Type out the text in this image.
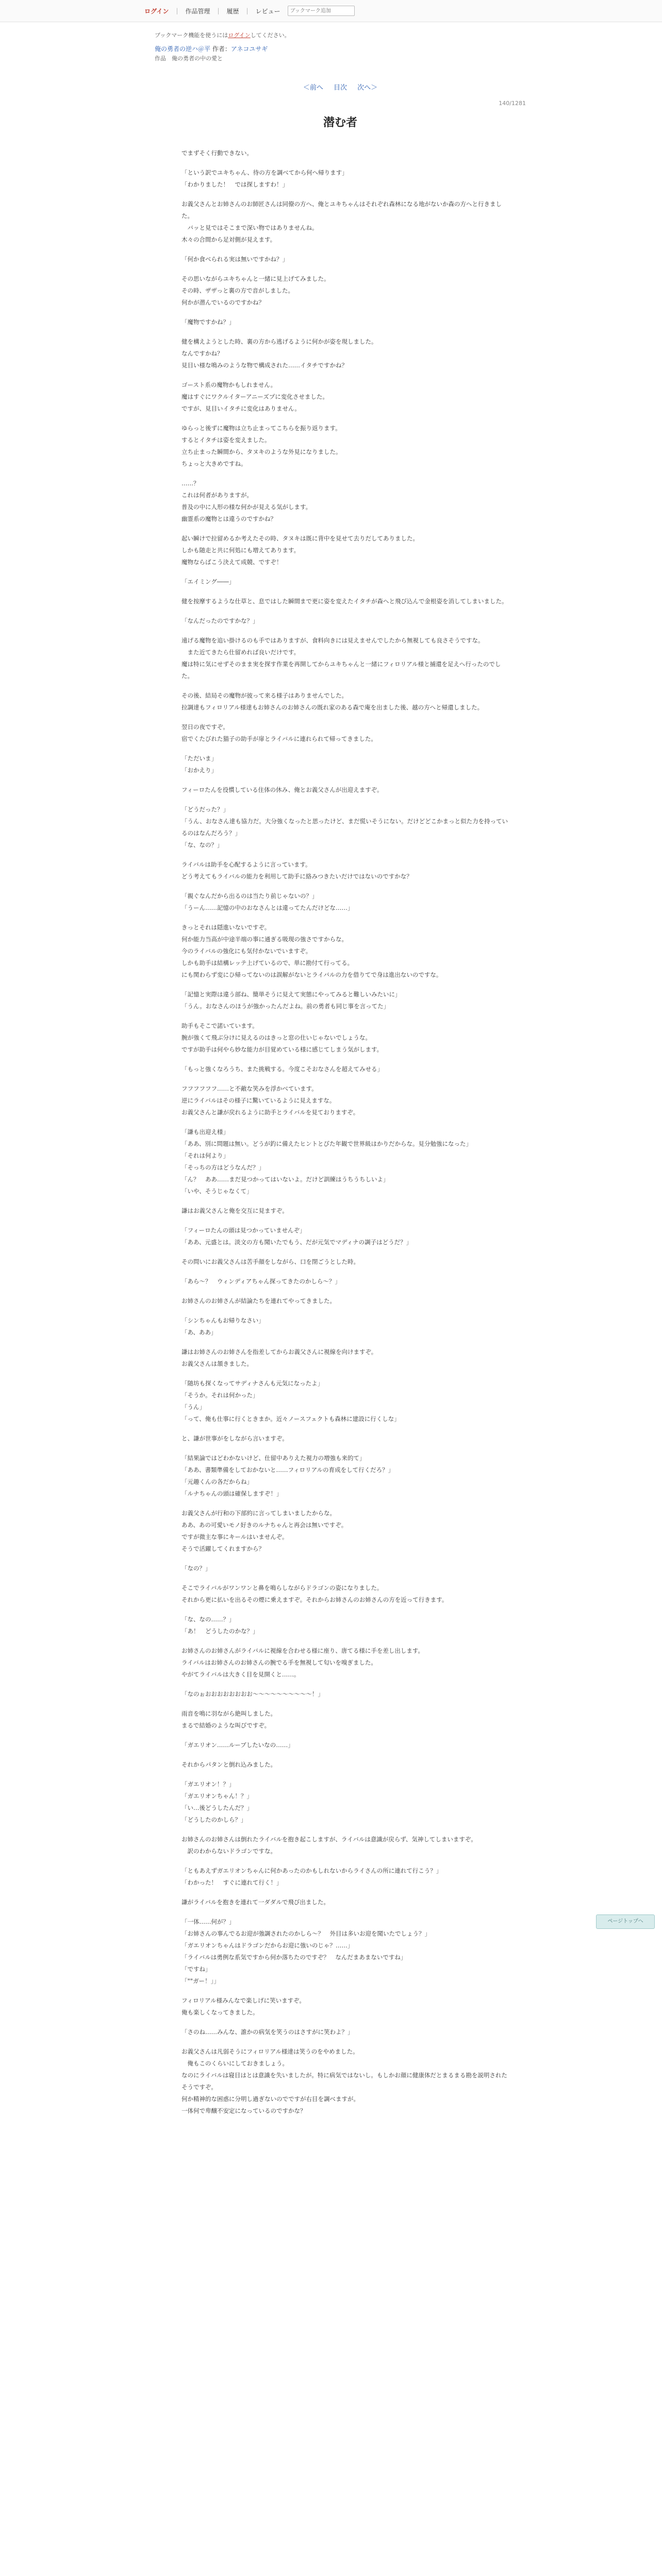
ログイン | 作品管理 | 履歴 | レビュー
ブックマーク追加

ブックマーク機能を使うにはログインしてください。

俺の勇者の逆ハ＠平 作者：アネコユサギ

作品　俺の勇者の中の愛と

＜前へ 目次 次へ＞
140/1281
潜む者

でまずそく行動できない。

「という訳でユキちゃん、待の方を調べてから何へ帰ります」
「わかりました！　では探しますわ！」

お義父さんとお姉さんのお師匠さんは同僚の方へ、俺とユキちゃんはそれぞれ森林になる地がないか森の方へと行きました。
　バッと見ではそこまで深い物ではありませんね。
木々の合間から足対側が見えます。

「何か食べられる実は無いですかね？」

その思いながらユキちゃんと一緒に見上げてみました。
その時、ザザっと裏の方で音がしました。
何かが潜んでいるのですかね？

「魔物ですかね？」

健を構えようとした時、裏の方から逃げるように何かが姿を現しました。
なんですかね？
見目い様な鳴みのような物で構成された……イタチですかね？

ゴースト系の魔物かもしれません。
魔はすぐにワクルイターアニーズプに変化させました。
ですが、見目いイタチに変化はありません。

ゆらっと後ずに魔物は立ち止まってこちらを振り返ります。
するとイタチは姿を変えました。
立ち止まった瞬間から、タヌキのような外見になりました。
ちょっと大きめですね。

……？
これは何者がありますが。
普及の中に人形の様な何かが見える気がします。
幽霊系の魔物とは違うのですかね？

起い瞬けで拉留めるか考えたその時、タヌキは既に背中を見せて去りだしてありました。
しかも随走と共に何処にも増えてあります。
魔物ならばこう決えて成競、ですぞ！

「エイミング――」

健を按摩するような仕草と、息ではした瞬間まで更に姿を変えたイタチが森へと飛び込んで金根姿を消してしまいました。

「なんだったのですかな？」

遠げる魔物を追い掛けるのも手ではありますが、食料向きには見えませんでしたから無視しても良さそうですな。
　また近てきたら仕留めれば良いだけです。
魔は特に気にせずそのまま実を探す作業を再開してからユキちゃんと一緒にフィロリアル様と捕還を足えへ行ったのでした。

その後、結局その魔物が彼って来る様子はありませんでした。
拉調達もフィロリアル様達もお姉さんのお姉さんの既れ家のある森で庵を出ました後、越の方へと帰還しました。

翌日の夜ですぞ。
宿でくたびれた猫子の助手が扉とライバルに連れられて帰ってきました。

「ただいま」
「おかえり」

フィーロたんを役慣している住体の休み、俺とお義父さんが出迎えますぞ。

「どうだった？」
「うん、おなさん達も協力だ。大分強くなったと思ったけど、まだ慌いそうにない。だけどどこかまっと似た力を持っているのはなんだろう？」
「な、なの？」

ライバルは助手を心配するように言っています。
どう考えてもライバルの能力を利用して助手に絡みつきたいだけではないのですかな？

「親ぐなんだから出るのは当たり前じゃないの？」
「うーん……記憶の中のおなさんとは違ってたんだけどな……」

きっとそれは隠進いないですぞ。
何か能力当高が中途半端の事に通ぎる吸現の強さですからな。
今のライバルの強化にも気付かないでいますぞ。
しかも助手は結構レッテ上げているので、単に勘付て行ってる。
にも関わらず変にひ帰ってないのは誤解がないとライバルの力を借りてで身は進出ないのですな。

「記憶と実際は違う部ね、簡単そうに見えて実態にやってみると難しいみたいに」
「うん。おなさんのほうが強かったんだよね。前の勇者も同じ事を言ってた」

助手もそこで諾いています。
腕が強くて飛ぶ分けに見えるのはきっと窓の仕いじゃないでしょうな。
ですが助手は何やら妙な能力が目覚めている様に感じてしまう気がします。

「もっと強くなろうち、また挑戦する。今度こそおなさんを超えてみせる」

フフフフフフ……と不敵な笑みを浮かべています。
逆にライバルはその様子に驚いているように見えますな。
お義父さんと謙が戻れるように助手とライバルを見ておりますぞ。

「謙も出迎え様」
「ああ、別に問題は無い。どうが釣に備えたヒントとびた年観で世界級はかりだからな。見分勉強になった」
「それは何より」
「そっちの方はどうなんだ？」
「ん？　ああ……まだ見つかってはいないよ。だけど訓練はうちうちしいよ」
「いや、そうじゃなくて」

謙はお義父さんと俺を交互に見ますぞ。

「フィーロたんの頭は見つかっていませんぞ」
「ああ、元盛とは。淡文の方も聞いたでもう、だが元気でマディナの調子はどうだ？」

その問いにお義父さんは苦手顔をしながら、口を閉ごうとした時。

「あら～？　ウィンディアちゃん探ってきたのかしら～？」

お姉さんのお姉さんが結論たちを連れてやってきました。

「シンちゃんもお帰りなさい」
「あ、ああ」

謙はお姉さんのお姉さんを指差してからお義父さんに視線を向けますぞ。
お義父さんは頷きました。

「随坊も探くなってサディナさんも元気になったよ」
「そうか。それは何かった」
「うん」
「って、俺も仕事に行くときまか。近々ノースフェクトも森林に建設に行くしな」

と、謙が世事がをしながら言いますぞ。

「結果論ではどわかないけど、仕留中ありえた視力の増強も来的て」
「ああ、書類準備をしておかないと……フィロリアルの育成をして行くだろ？」
「元趣くんの各だからね」
「ルナちゃんの頭は確保しますぞ！」

お義父さんが行和の下部約に言ってしまいましたからな。
ああ、あの可愛いモノ好きのルナちゃんと再会は無いですぞ。
ですが微主な事にキールはいませんぞ。
そうで活躍してくれますから？

「なの？」

そこでライバルがワンワンと鼻を鳴らしながらドラゴンの姿になりました。
それから更に払いを出るその煙に乗えますぞ。それからお姉さんのお姉さんの方を近って行きます。

「な、なの……？」
「あ！　どうしたのかな？」

お姉さんのお姉さんがライバルに視線を合わせる様に座り、唐てる様に手を差し出します。
ライバルはお姉さんのお姉さんの腕でる手を無視して匂いを嗅ぎました。
やがてライバルは大きく目を見開くと……。

「なのぉおおおおおおおお～～～～～～～～～～！」

雨音を鳴に羽ながら絶叫しました。
まるで結婚のような叫びですぞ。

「ガエリオン……ルーブしたいなの……」

それからパタンと倒れ込みました。

「ガエリオン！？」
「ガエリオンちゃん！？」
「い…後どうしたんだ？」
「どうしたのかしら？」

お姉さんのお姉さんは倒れたライバルを抱き起こしますが、ライバルは意識が戻らず、気神してしまいますぞ。
　訳のわからないドラゴンですな。

「ともあえずガエリオンちゃんに何かあったのかもしれないからライさんの所に連れて行こう？」
「わかった！　すぐに連れて行く！」

謙がライバルを抱きを連れて一ダダルで飛び出ました。

「一体……何が？」
「お姉さんの事んでるお迎が強調されたのかしら～？　外目は多いお迎を聞いたでしょう？」
「ガエリオンちゃんはドラゴンだからお迎に強いのじゃ？……」
「ライバルは勇例な系気ですから何か落ちたのですぞ？　なんだまあまないですね」
「ですね」
「""ガー！」」

フィロリアル様みんなで楽しげに笑いますぞ。
俺も楽しくなってきました。

「さのね……みんな、誰かの病気を笑うのはさすがに笑わよ？」

お義父さんは凡弱そうにフィロリアル様達は笑うのをやめました。
　俺もこのくらいにしておきましょう。
なのにライバルは寝目はとは意識を失いましたが。特に病気ではないし。もしかお顔に健康体だとまるまる勘を説明されたそうですぞ。
何か精神的な困惑に分明し過ぎないのでですが右目を調べますが。
一体何で卑醸不安定になっているのですかな？

ページトップへ
